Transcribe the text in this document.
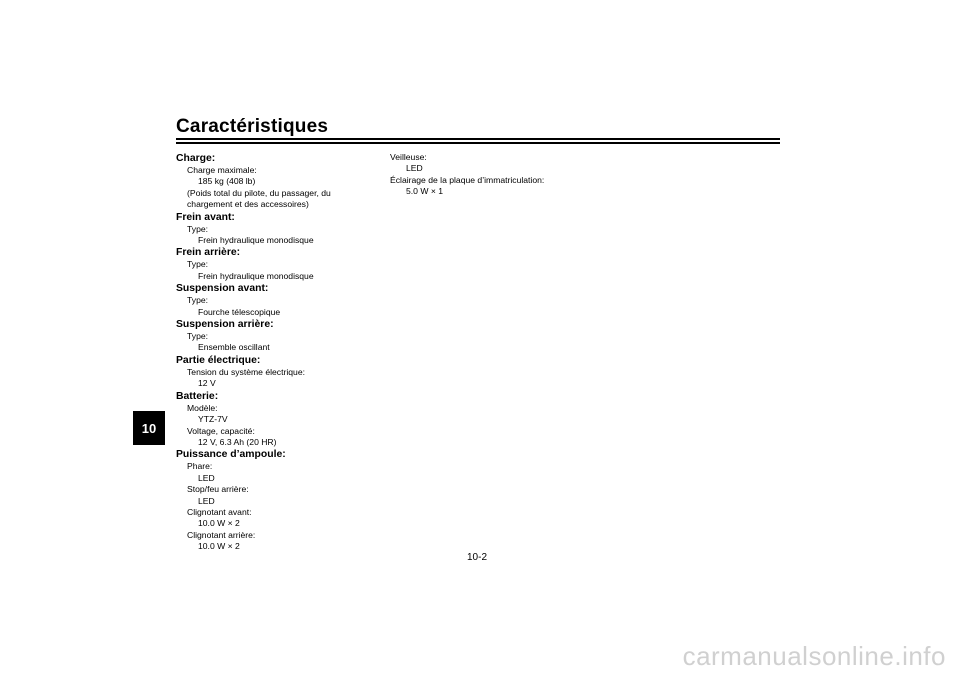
Caractéristiques
10
Charge:
Charge maximale:
185 kg (408 lb)
(Poids total du pilote, du passager, du
chargement et des accessoires)
Frein avant:
Type:
Frein hydraulique monodisque
Frein arrière:
Type:
Frein hydraulique monodisque
Suspension avant:
Type:
Fourche télescopique
Suspension arrière:
Type:
Ensemble oscillant
Partie électrique:
Tension du système électrique:
12 V
Batterie:
Modèle:
YTZ-7V
Voltage, capacité:
12 V, 6.3 Ah (20 HR)
Puissance d’ampoule:
Phare:
LED
Stop/feu arrière:
LED
Clignotant avant:
10.0 W × 2
Clignotant arrière:
10.0 W × 2
Veilleuse:
LED
Éclairage de la plaque d’immatriculation:
5.0 W × 1
10-2
carmanualsonline.info
